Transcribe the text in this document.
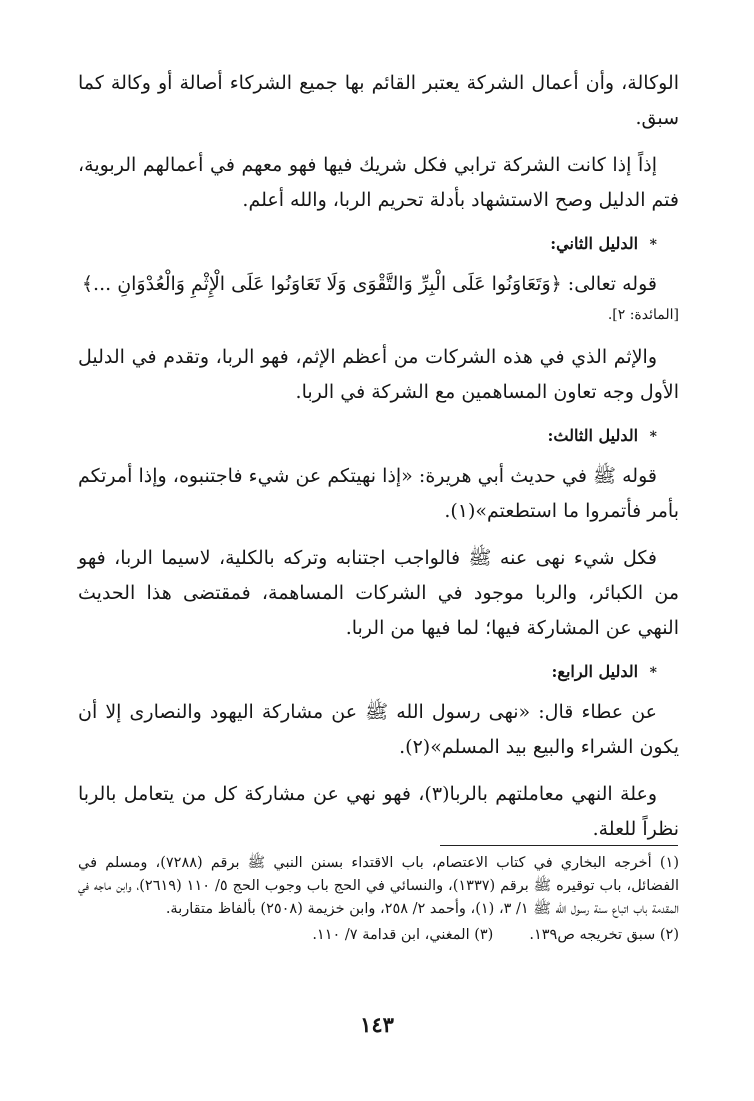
الوكالة، وأن أعمال الشركة يعتبر القائم بها جميع الشركاء أصالة أو وكالة كما سبق.

إذاً إذا كانت الشركة ترابي فكل شريك فيها فهو معهم في أعمالهم الربوية، فتم الدليل وصح الاستشهاد بأدلة تحريم الربا، والله أعلم.

* الدليل الثاني:

قوله تعالى: ﴿وَتَعَاوَنُوا عَلَى الْبِرِّ وَالتَّقْوَى وَلَا تَعَاوَنُوا عَلَى الْإِثْمِ وَالْعُدْوَانِ ...﴾

[المائدة: ٢].

والإثم الذي في هذه الشركات من أعظم الإثم، فهو الربا، وتقدم في الدليل الأول وجه تعاون المساهمين مع الشركة في الربا.

* الدليل الثالث:

قوله ﷺ في حديث أبي هريرة: «إذا نهيتكم عن شيء فاجتنبوه، وإذا أمرتكم بأمر فأتمروا ما استطعتم»(١).

فكل شيء نهى عنه ﷺ فالواجب اجتنابه وتركه بالكلية، لاسيما الربا، فهو من الكبائر، والربا موجود في الشركات المساهمة، فمقتضى هذا الحديث النهي عن المشاركة فيها؛ لما فيها من الربا.

* الدليل الرابع:

عن عطاء قال: «نهى رسول الله ﷺ عن مشاركة اليهود والنصارى إلا أن يكون الشراء والبيع بيد المسلم»(٢).

وعلة النهي معاملتهم بالربا(٣)، فهو نهي عن مشاركة كل من يتعامل بالربا نظراً للعلة.

(١) أخرجه البخاري في كتاب الاعتصام، باب الاقتداء بسنن النبي ﷺ برقم (٧٢٨٨)، ومسلم في الفضائل، باب توقيره ﷺ برقم (١٣٣٧)، والنسائي في الحج باب وجوب الحج ٥/ ١١٠ (٢٦١٩)، وابن ماجه في المقدمة باب اتباع سنة رسول الله ﷺ ١/ ٣، (١)، وأحمد ٢/ ٢٥٨، وابن خزيمة (٢٥٠٨) بألفاظ متقاربة.

(٢) سبق تخريجه ص١٣٩.
(٣) المغني، ابن قدامة ٧/ ١١٠.
١٤٣
